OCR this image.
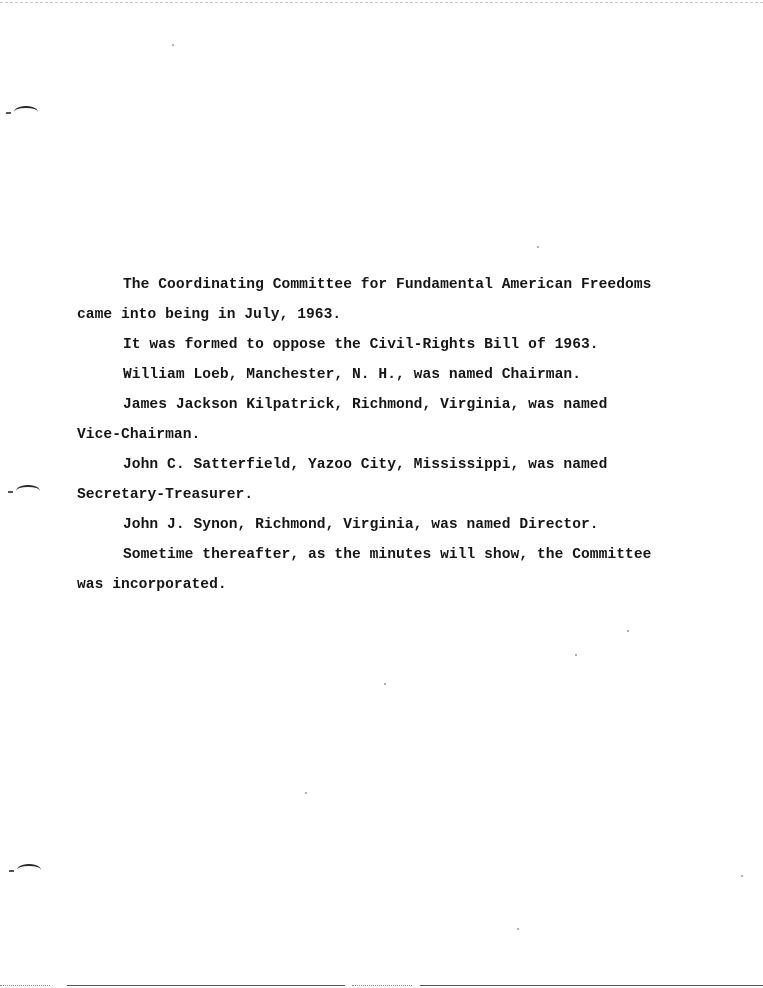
The Coordinating Committee for Fundamental American Freedoms
came into being in July, 1963.
It was formed to oppose the Civil-Rights Bill of 1963.
William Loeb, Manchester, N. H., was named Chairman.
James Jackson Kilpatrick, Richmond, Virginia, was named
Vice-Chairman.
John C. Satterfield, Yazoo City, Mississippi, was named
Secretary-Treasurer.
John J. Synon, Richmond, Virginia, was named Director.
Sometime thereafter, as the minutes will show, the Committee
was incorporated.
